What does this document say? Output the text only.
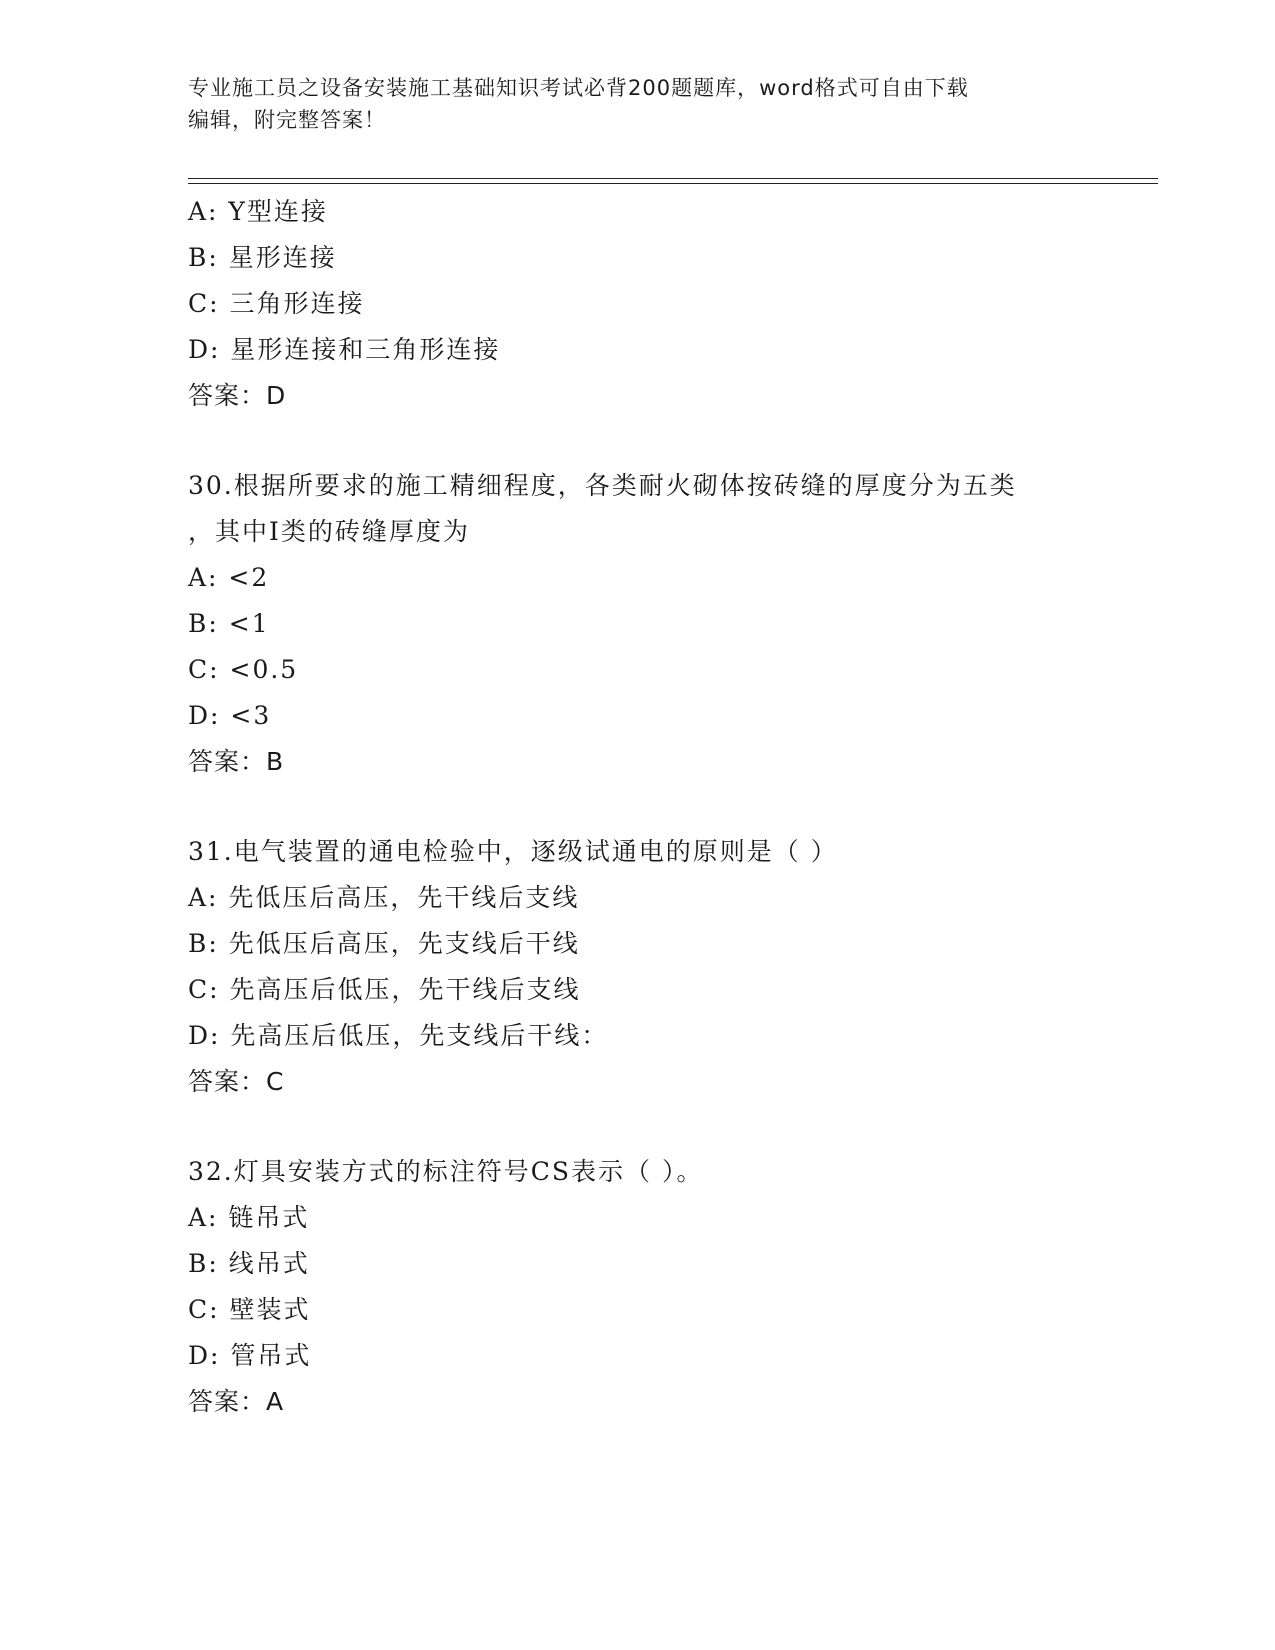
专业施工员之设备安装施工基础知识考试必背200题题库，word格式可自由下载
编辑，附完整答案！
A: Y型连接
B: 星形连接
C: 三角形连接
D: 星形连接和三角形连接
答案：D
30.根据所要求的施工精细程度，各类耐火砌体按砖缝的厚度分为五类
，其中I类的砖缝厚度为
A: <2
B: <1
C: <0.5
D: <3
答案：B
31.电气装置的通电检验中，逐级试通电的原则是（ ）
A: 先低压后高压，先干线后支线
B: 先低压后高压，先支线后干线
C: 先高压后低压，先干线后支线
D: 先高压后低压，先支线后干线：
答案：C
32.灯具安装方式的标注符号CS表示（ ）。
A: 链吊式
B: 线吊式
C: 壁装式
D: 管吊式
答案：A
